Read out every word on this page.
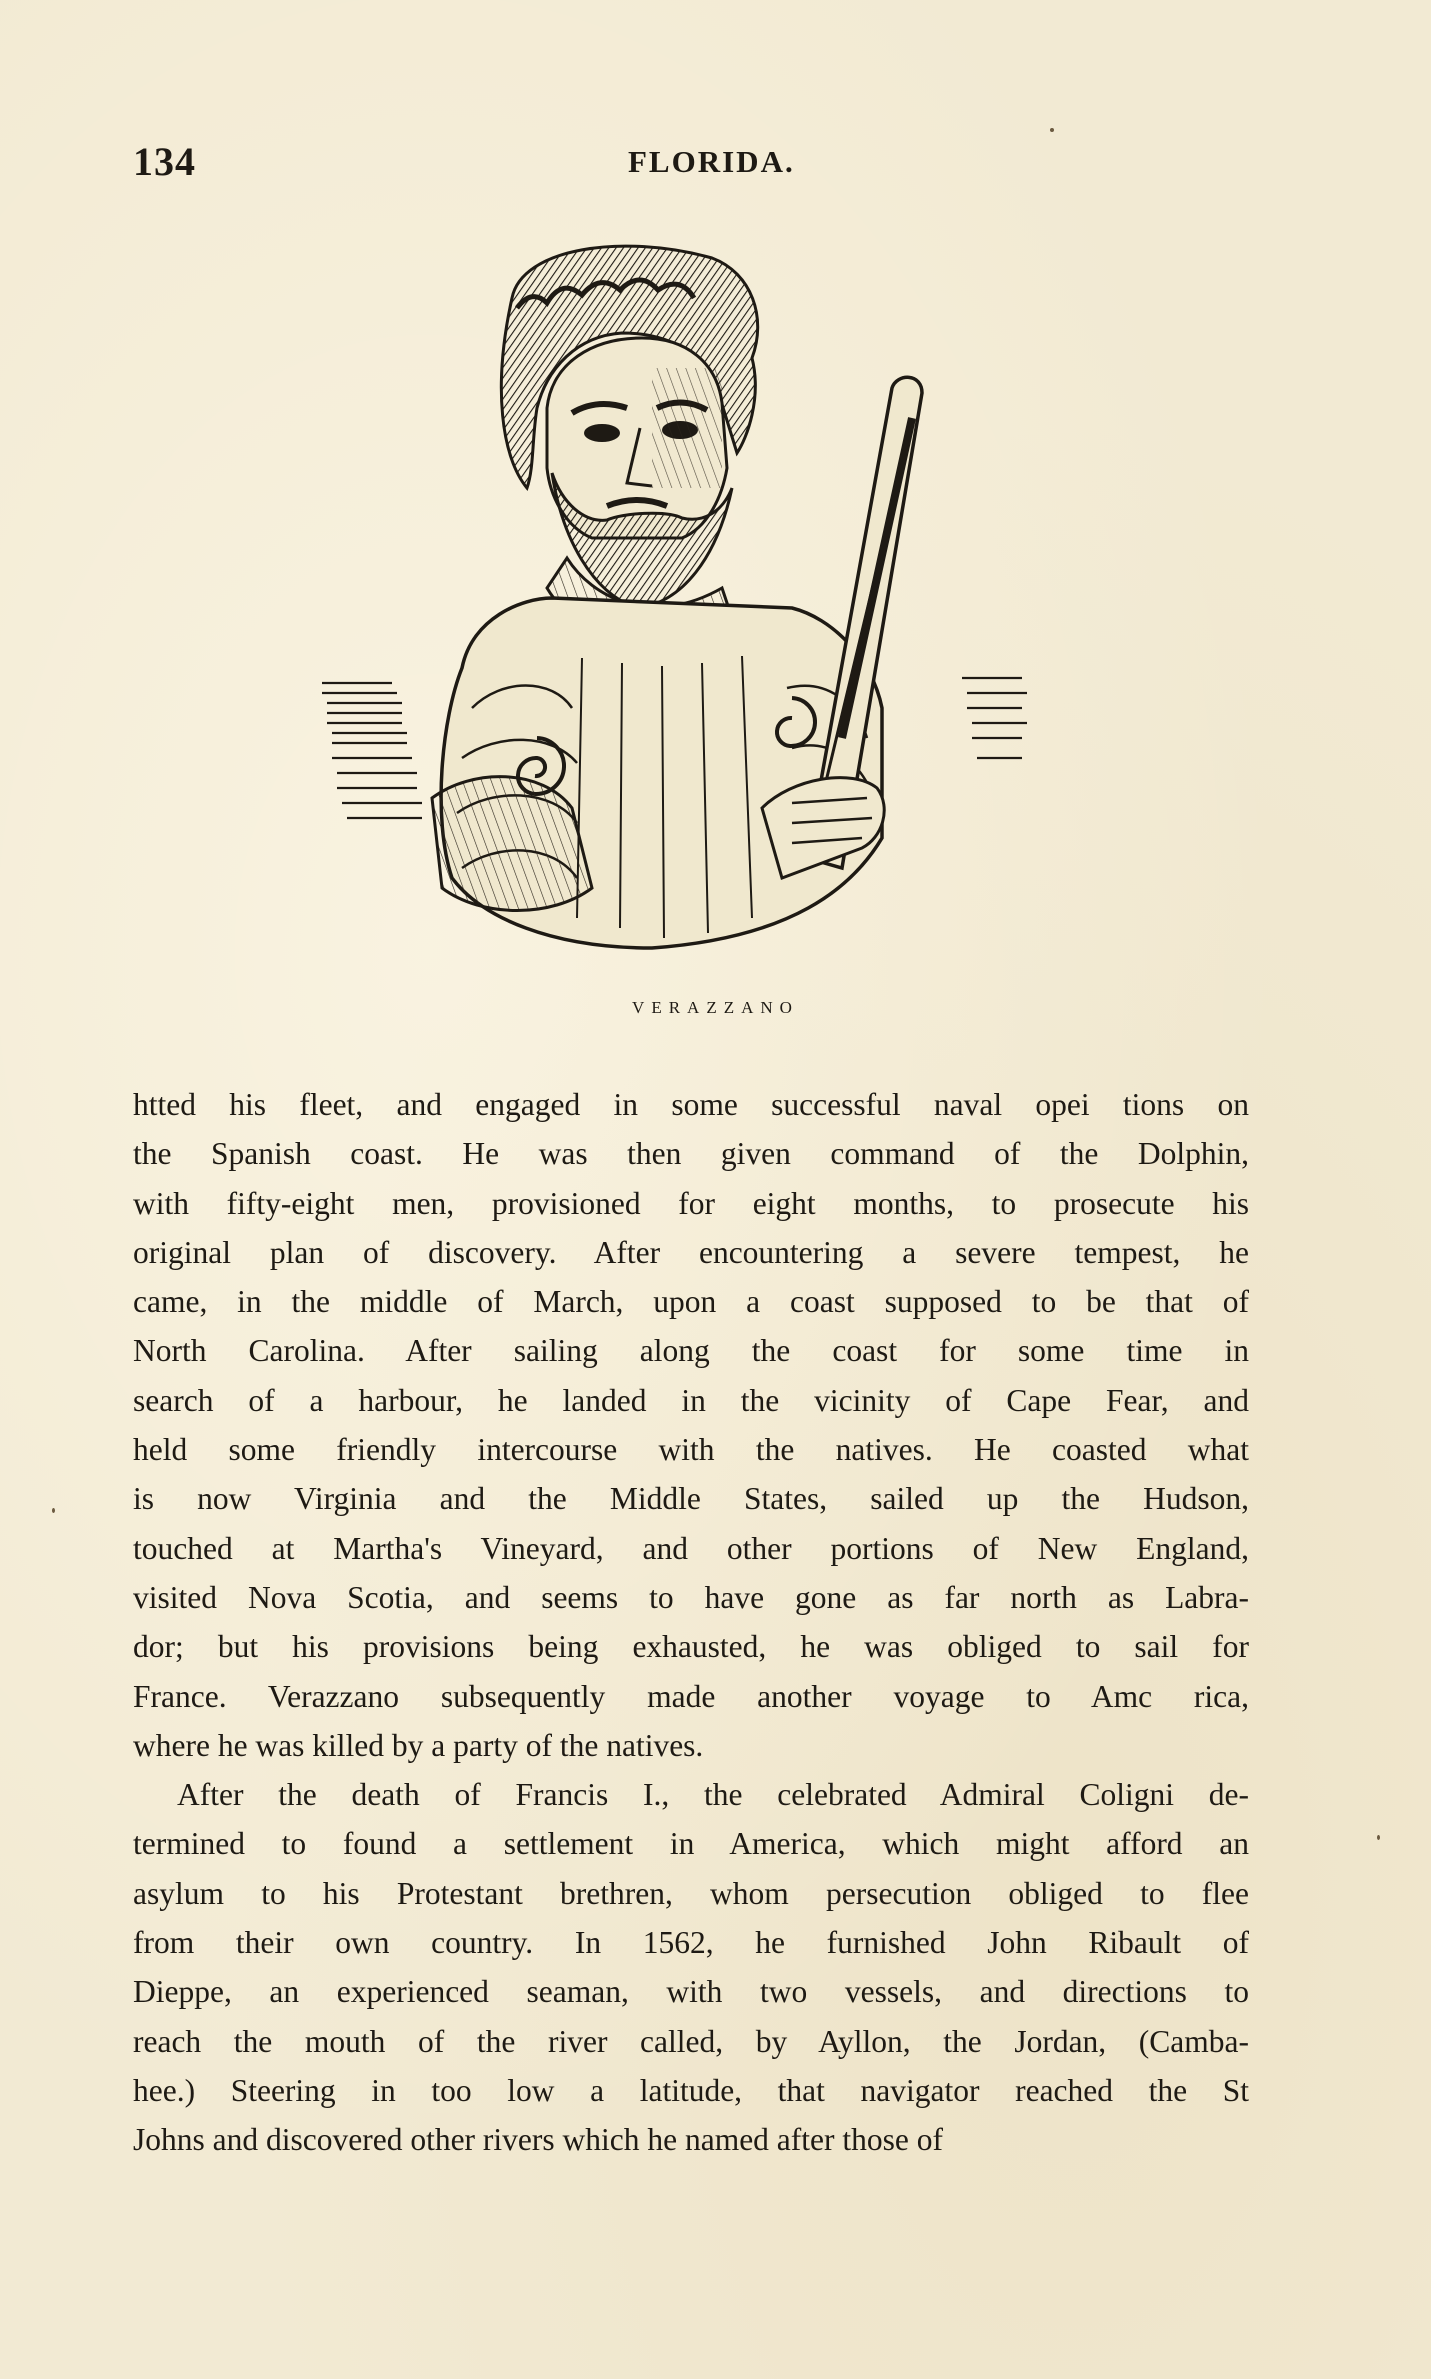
134	FLORIDA.
VERAZZANO
htted his fleet, and engaged in some successful naval opei tions on
the Spanish coast. He was then given command of the Dolphin,
with fifty-eight men, provisioned for eight months, to prosecute his
original plan of discovery. After encountering a severe tempest, he
came, in the middle of March, upon a coast supposed to be that of
North Carolina. After sailing along the coast for some time in
search of a harbour, he landed in the vicinity of Cape Fear, and
held some friendly intercourse with the natives. He coasted what
is now Virginia and the Middle States, sailed up the Hudson,
touched at Martha's Vineyard, and other portions of New England,
visited Nova Scotia, and seems to have gone as far north as Labra-
dor; but his provisions being exhausted, he was obliged to sail for
France. Verazzano subsequently made another voyage to Amc rica,
where he was killed by a party of the natives.
After the death of Francis I., the celebrated Admiral Coligni de-
termined to found a settlement in America, which might afford an
asylum to his Protestant brethren, whom persecution obliged to flee
from their own country. In 1562, he furnished John Ribault of
Dieppe, an experienced seaman, with two vessels, and directions to
reach the mouth of the river called, by Ayllon, the Jordan, (Camba-
hee.) Steering in too low a latitude, that navigator reached the St
Johns and discovered other rivers which he named after those of
